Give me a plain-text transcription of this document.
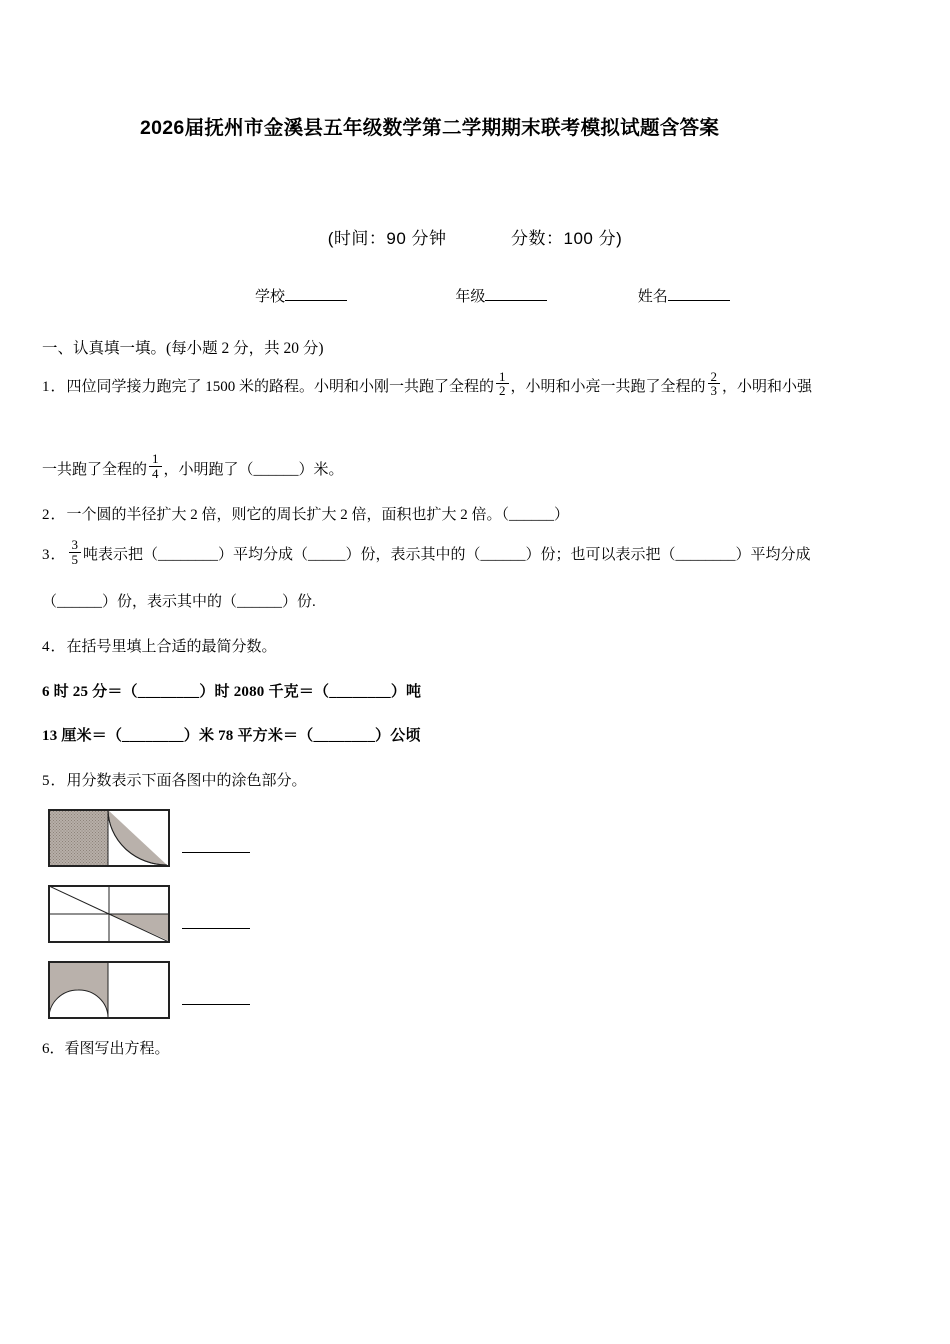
2026届抚州市金溪县五年级数学第二学期期末联考模拟试题含答案
(时间：90 分钟	分数：100 分)
学校	年级	姓名
一、认真填一填。(每小题 2 分，共 20 分)
1．四位同学接力跑完了 1500 米的路程。小明和小刚一共跑了全程的 $\frac{1}{2}$ ，小明和小亮一共跑了全程的 $\frac{2}{3}$ ，小明和小强
一共跑了全程的 $\frac{1}{4}$ ，小明跑了（______）米。
2．一个圆的半径扩大 2 倍，则它的周长扩大 2 倍，面积也扩大 2 倍。（______）
3． $\frac{3}{5}$ 吨表示把（________）平均分成（_____）份，表示其中的（______）份；也可以表示把（________）平均分成
（______）份，表示其中的（______）份.
4．在括号里填上合适的最简分数。
6 时 25 分＝（________）时 2080 千克＝（________）吨
13 厘米＝（________）米 78 平方米＝（________）公顷
5．用分数表示下面各图中的涂色部分。
6．看图写出方程。
